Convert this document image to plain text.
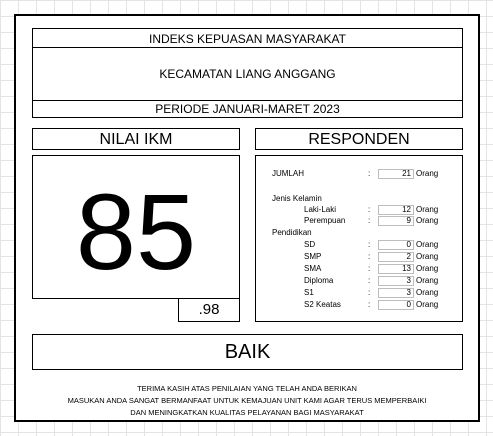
INDEKS KEPUASAN MASYARAKAT
KECAMATAN LIANG ANGGANG
PERIODE JANUARI-MARET 2023
NILAI IKM
85
.98
RESPONDEN
JUMLAH	:	21 Orang
Jenis Kelamin
Laki-Laki	:	12 Orang
Perempuan	:	9 Orang
Pendidikan
SD	:	0 Orang
SMP	:	2 Orang
SMA	:	13 Orang
Diploma	:	3 Orang
S1	:	3 Orang
S2 Keatas	:	0 Orang
BAIK
TERIMA KASIH ATAS PENILAIAN YANG TELAH ANDA BERIKAN
MASUKAN ANDA SANGAT BERMANFAAT UNTUK KEMAJUAN UNIT KAMI AGAR TERUS MEMPERBAIKI
DAN MENINGKATKAN KUALITAS PELAYANAN BAGI MASYARAKAT
